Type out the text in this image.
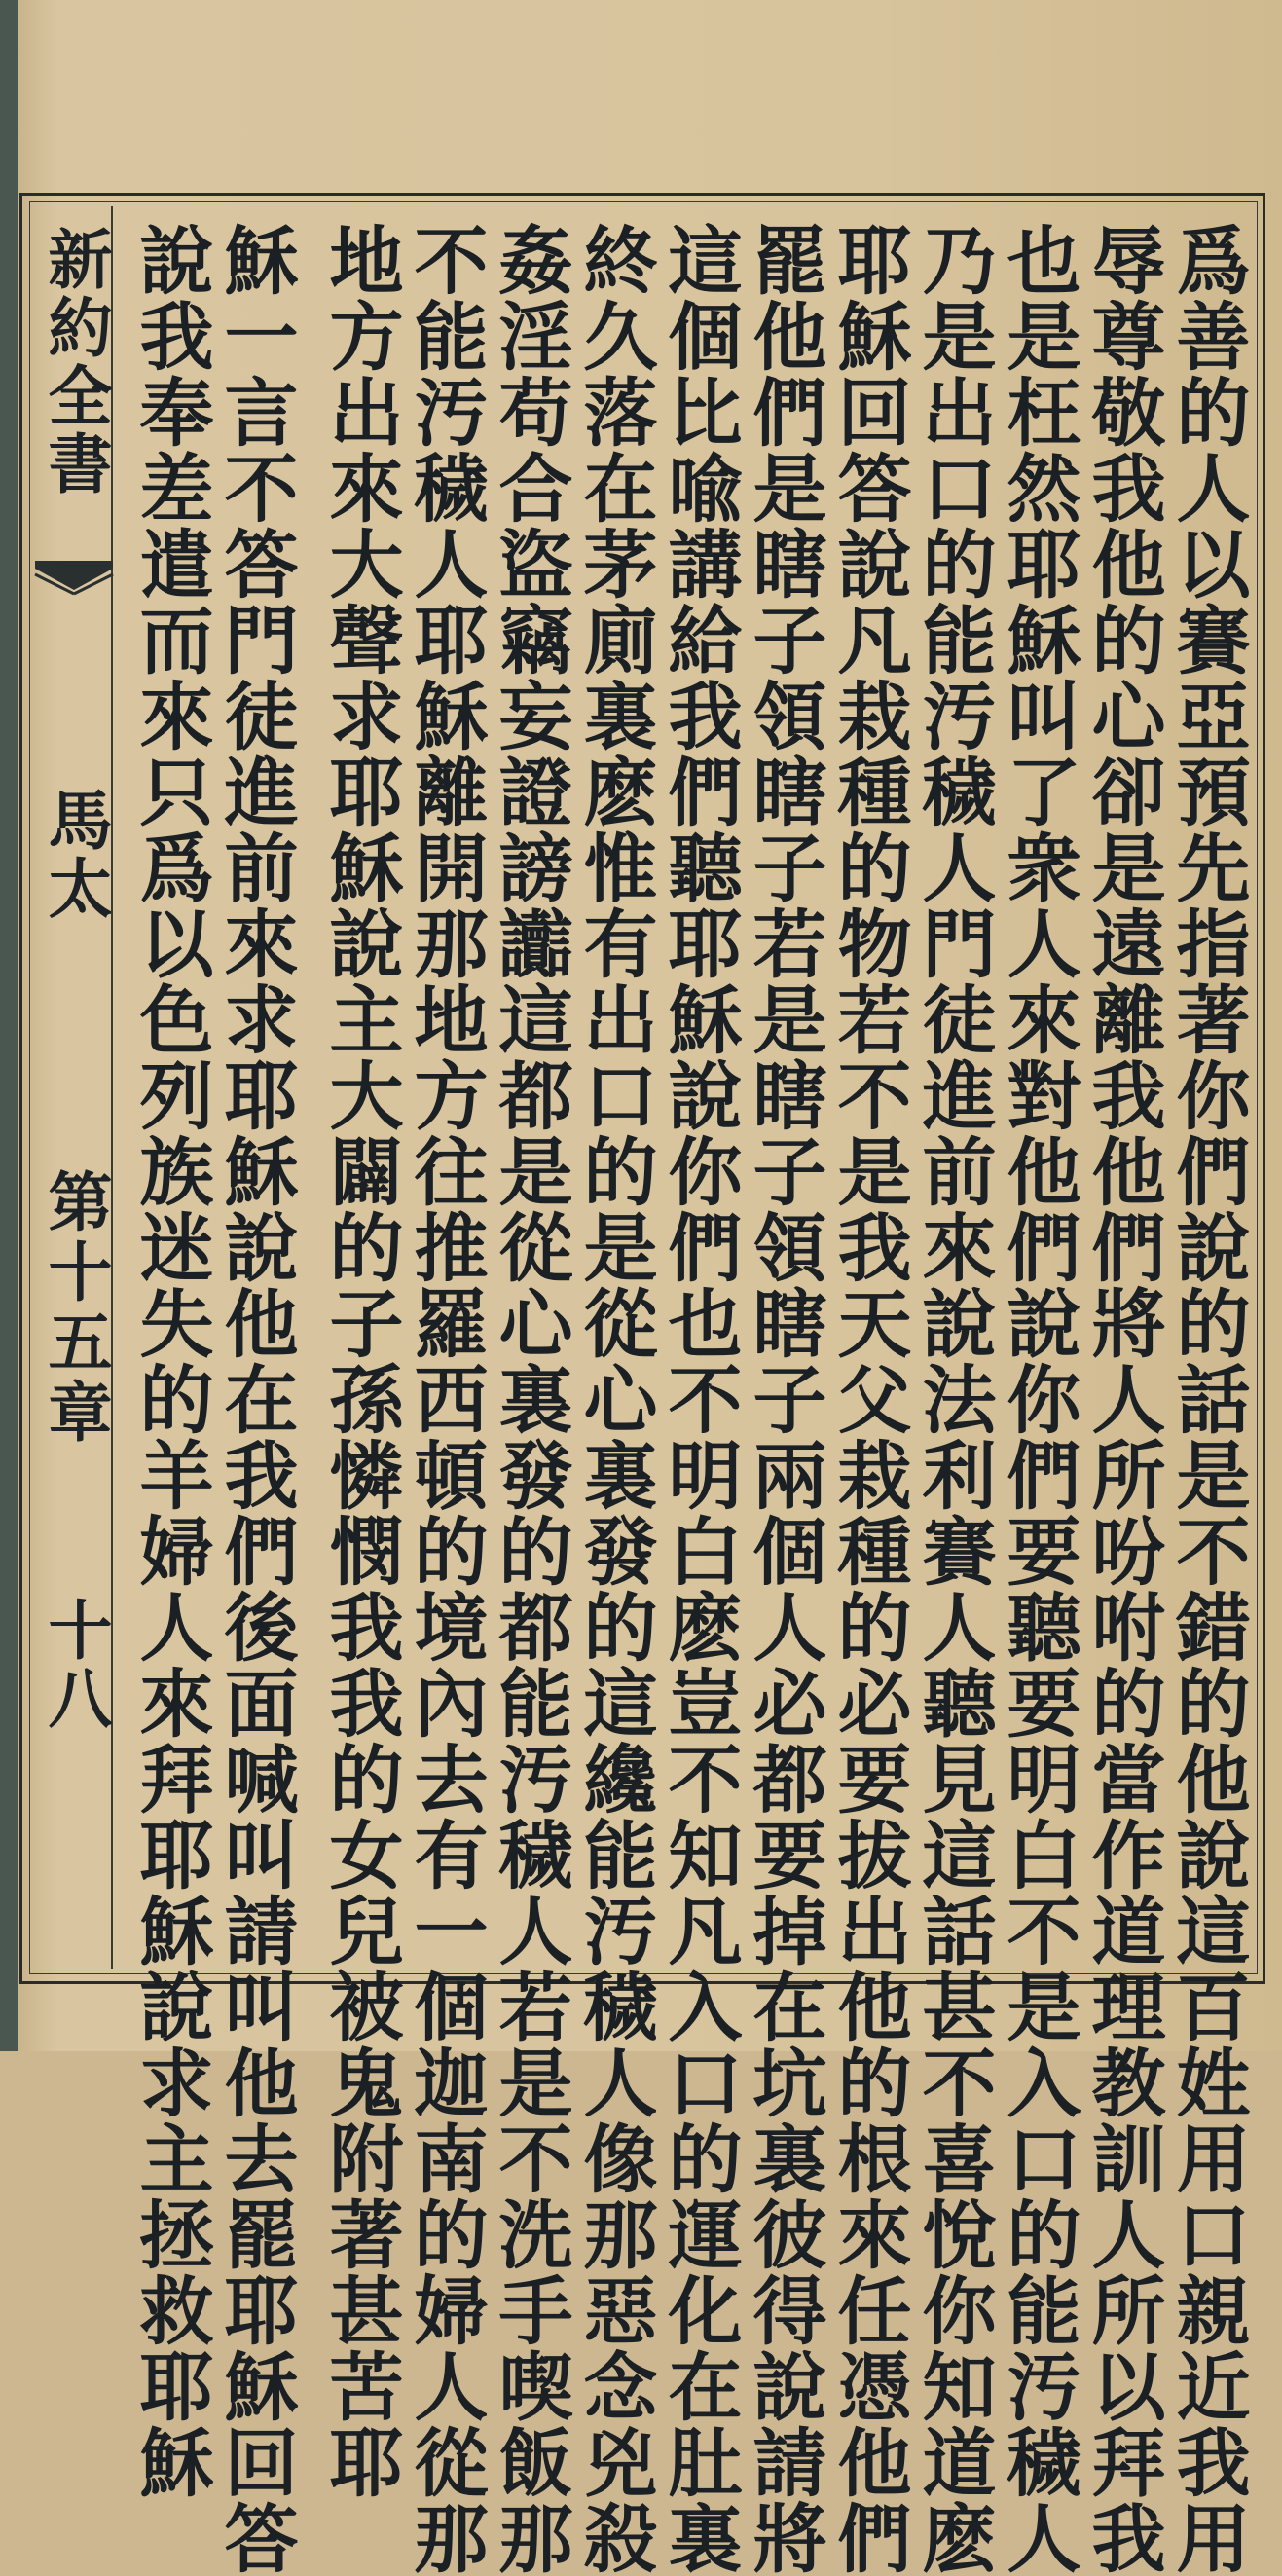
新約全書
馬太
第十五章
十八	爲善的人以賽亞預先指著你們說的話是不錯的他說這百姓用口親近我用
辱尊敬我他的心卻是遠離我他們將人所吩咐的當作道理教訓人所以拜我
也是枉然耶穌叫了衆人來對他們說你們要聽要明白不是入口的能汚穢人
乃是出口的能汚穢人門徒進前來說法利賽人聽見這話甚不喜悅你知道麽
耶穌回答說凡栽種的物若不是我天父栽種的必要拔出他的根來任憑他們
罷他們是瞎子領瞎子若是瞎子領瞎子兩個人必都要掉在坑裏彼得說請將
這個比喩講給我們聽耶穌說你們也不明白麽豈不知凡入口的運化在肚裏
終久落在茅廁裏麽惟有出口的是從心裏發的這纔能汚穢人像那惡念兇殺
姦淫苟合盜竊妄證謗讟這都是從心裏發的都能汚穢人若是不洗手喫飯那
不能汚穢人耶穌離開那地方往推羅西頓的境內去有一個迦南的婦人從那
地方出來大聲求耶穌說主大闢的子孫憐憫我我的女兒被鬼附著甚苦耶
穌一言不答門徒進前來求耶穌說他在我們後面喊叫請叫他去罷耶穌回答
說我奉差遣而來只爲以色列族迷失的羊婦人來拜耶穌說求主拯救耶穌
